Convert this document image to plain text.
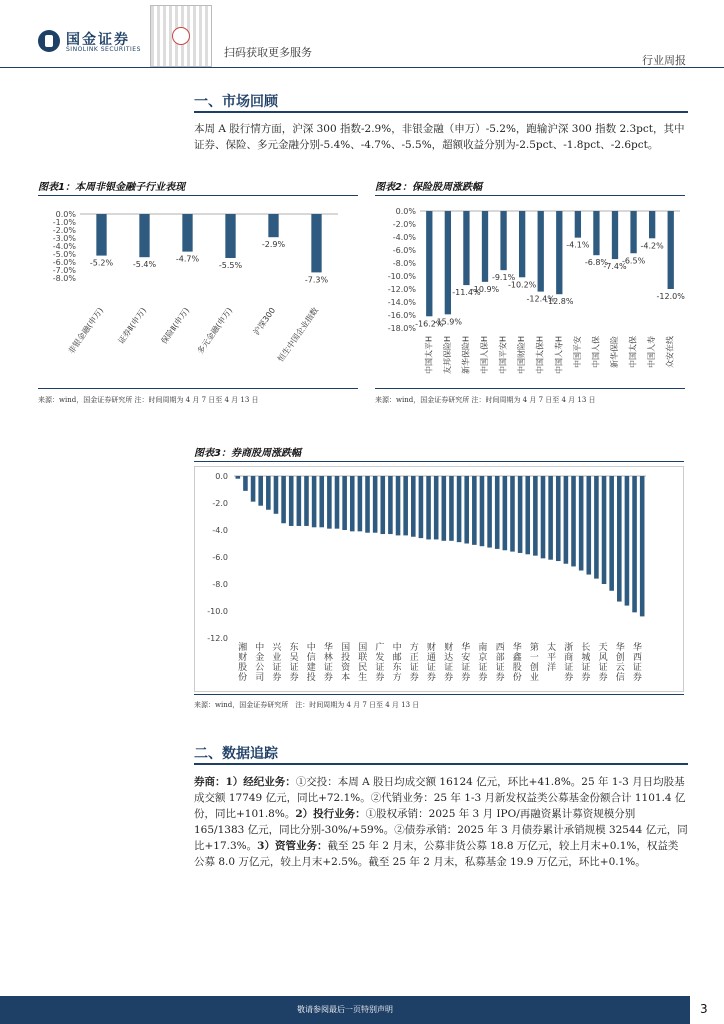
国金证券
SINOLINK SECURITIES	扫码获取更多服务
行业周报
一、市场回顾
本周 A 股行情方面，沪深 300 指数-2.9%，非银金融（申万）-5.2%，跑输沪深 300 指数 2.3pct，其中证券、保险、多元金融分别-5.4%、-4.7%、-5.5%，超额收益分别为-2.5pct、-1.8pct、-2.6pct。
图表1：本周非银金融子行业表现
0.0%
-1.0%
-2.0%
-3.0%
-4.0%
-5.0%
-6.0%
-7.0%
-8.0%
-5.2%
非银金融(申万)
-5.4%
证券Ⅱ(申万)
-4.7%
保险Ⅱ(申万)
-5.5%
多元金融(申万)
-2.9%
沪深300
-7.3%
恒生中国企业指数
来源：wind，国金证券研究所 注：时间周期为 4 月 7 日至 4 月 13 日
图表2：保险股周涨跌幅
0.0%
-2.0%
-4.0%
-6.0%
-8.0%
-10.0%
-12.0%
-14.0%
-16.0%
-18.0%
-16.2%
中国太平H
-15.9%
友邦保险H
-11.4%
新华保险H
-10.9%
中国人保H
-9.1%
中国平安H
-10.2%
中国财险H
-12.4%
中国太保H
-12.8%
中国人寿H
-4.1%
中国平安
-6.8%
中国人保
-7.4%
新华保险
-6.5%
中国太保
-4.2%
中国人寿
-12.0%
众安在线
来源：wind，国金证券研究所 注：时间周期为 4 月 7 日至 4 月 13 日
图表3：券商股周涨跌幅
0.0
-2.0
-4.0
-6.0
-8.0
-10.0
-12.0
湘财股份
中金公司
兴业证券
东吴证券
中信建投
华林证券
国投资本
国联民生
广发证券
中邮东方
方正证券
财通证券
财达证券
华安证券
南京证券
西部证券
华鑫股份
第一创业
太平洋
浙商证券
长城证券
天风证券
华创云信
华西证券
来源：wind，国金证券研究所　注：时间周期为 4 月 7 日至 4 月 13 日
二、数据追踪
券商：1）经纪业务：①交投：本周 A 股日均成交额 16124 亿元，环比+41.8%。25 年 1-3 月日均股基成交额 17749 亿元，同比+72.1%。②代销业务：25 年 1-3 月新发权益类公募基金份额合计 1101.4 亿份，同比+101.8%。2）投行业务：①股权承销：2025 年 3 月 IPO/再融资累计募资规模分别 165/1383 亿元，同比分别-30%/+59%。②债券承销：2025 年 3 月债券累计承销规模 32544 亿元，同比+17.3%。3）资管业务：截至 25 年 2 月末，公募非货公募 18.8 万亿元，较上月末+0.1%，权益类公募 8.0 万亿元，较上月末+2.5%。截至 25 年 2 月末，私募基金 19.9 万亿元，环比+0.1%。
敬请参阅最后一页特别声明	3
